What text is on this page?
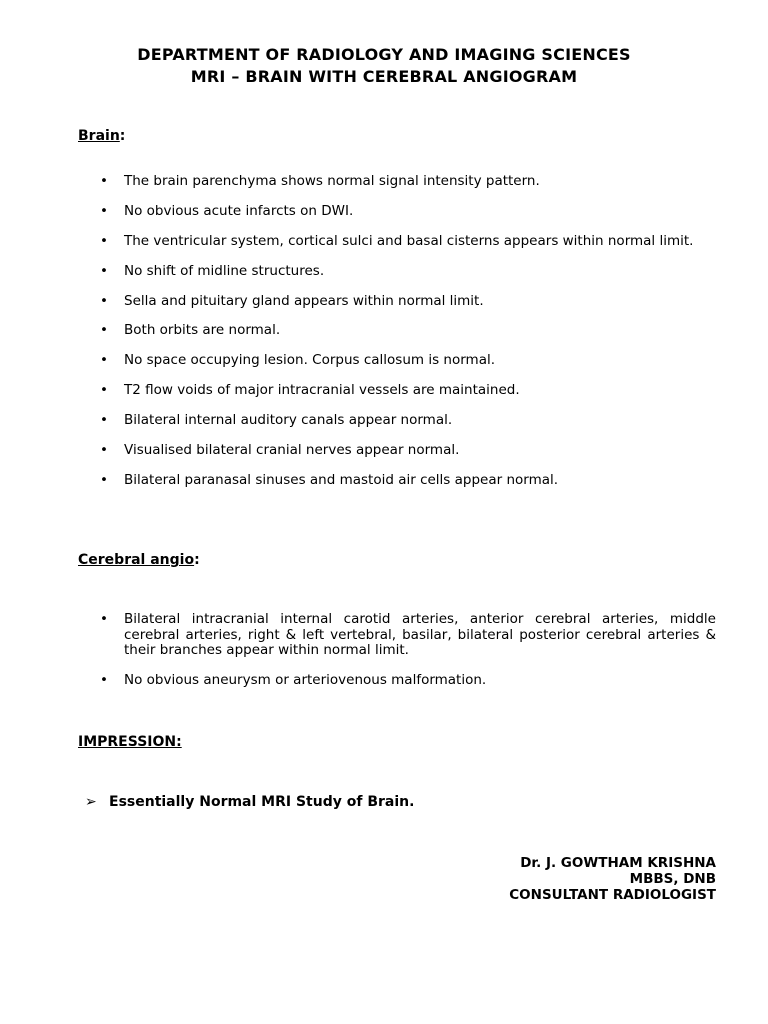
DEPARTMENT OF RADIOLOGY AND IMAGING SCIENCES
MRI – BRAIN WITH CEREBRAL ANGIOGRAM
Brain:
• The brain parenchyma shows normal signal intensity pattern.
• No obvious acute infarcts on DWI.
• The ventricular system, cortical sulci and basal cisterns appears within normal limit.
• No shift of midline structures.
• Sella and pituitary gland appears within normal limit.
• Both orbits are normal.
• No space occupying lesion. Corpus callosum is normal.
• T2 flow voids of major intracranial vessels are maintained.
• Bilateral internal auditory canals appear normal.
• Visualised bilateral cranial nerves appear normal.
• Bilateral paranasal sinuses and mastoid air cells appear normal.
Cerebral angio:
• Bilateral intracranial internal carotid arteries, anterior cerebral arteries, middle cerebral arteries, right & left vertebral, basilar, bilateral posterior cerebral arteries & their branches appear within normal limit.
• No obvious aneurysm or arteriovenous malformation.
IMPRESSION:
➢ Essentially Normal MRI Study of Brain.
Dr. J. GOWTHAM KRISHNA
MBBS, DNB
CONSULTANT RADIOLOGIST
